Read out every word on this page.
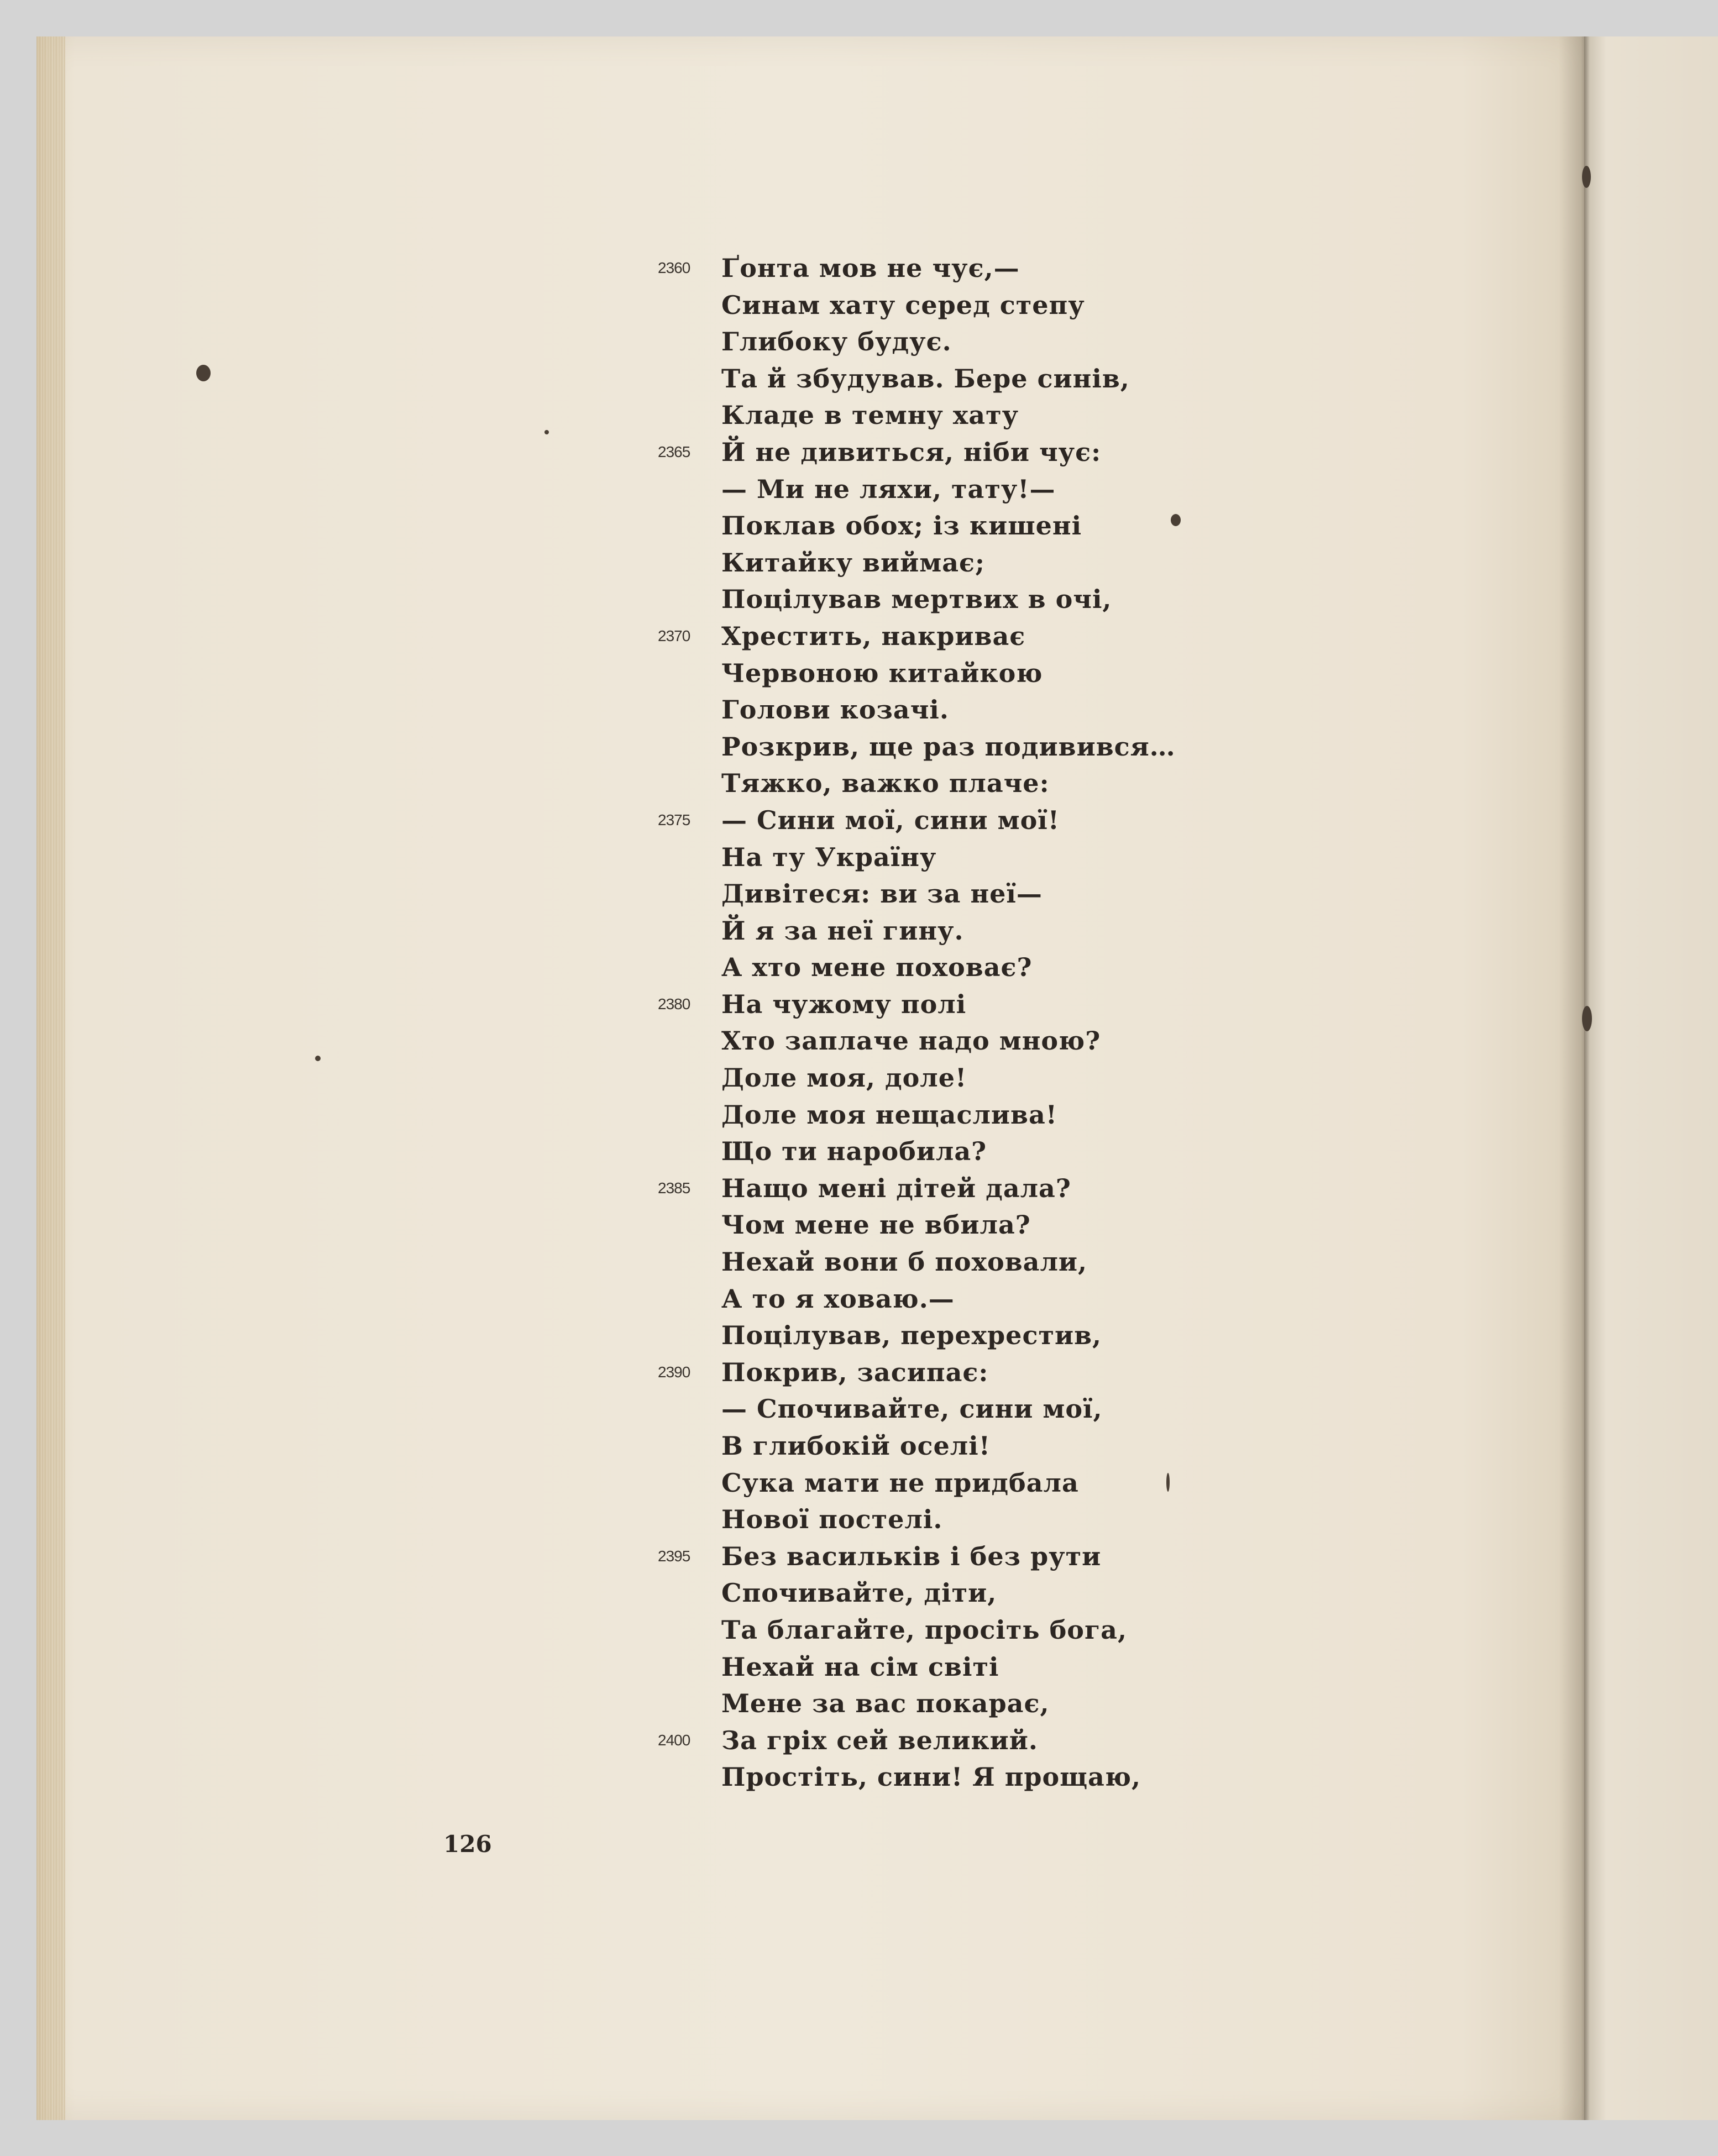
2360
2365
2370
2375
2380
2385
2390
2395
2400
Ґонта мов не чує,—
Синам хату серед степу
Глибоку будує.
Та й збудував. Бере синів,
Кладе в темну хату
Й не дивиться, ніби чує:
— Ми не ляхи, тату!—
Поклав обох; із кишені
Китайку виймає;
Поцілував мертвих в очі,
Хрестить, накриває
Червоною китайкою
Голови козачі.
Розкрив, ще раз подивився…
Тяжко, важко плаче:
— Сини мої, сини мої!
На ту Україну
Дивітеся: ви за неї—
Й я за неї гину.
А хто мене поховає?
На чужому полі
Хто заплаче надо мною?
Доле моя, доле!
Доле моя нещаслива!
Що ти наробила?
Нащо мені дітей дала?
Чом мене не вбила?
Нехай вони б поховали,
А то я ховаю.—
Поцілував, перехрестив,
Покрив, засипає:
— Спочивайте, сини мої,
В глибокій оселі!
Сука мати не придбала
Нової постелі.
Без васильків і без рути
Спочивайте, діти,
Та благайте, просіть бога,
Нехай на сім світі
Мене за вас покарає,
За гріх сей великий.
Простіть, сини! Я прощаю,
126
